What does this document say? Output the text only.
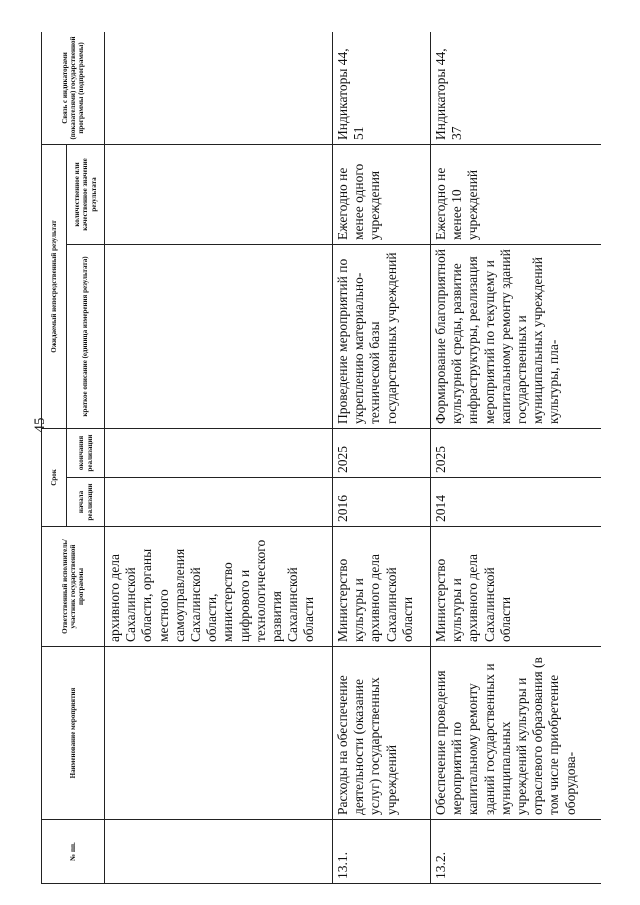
45
№ пп.	Наименование мероприятия	Ответственный исполнитель/участник государственной программы	Срок		Ожидаемый непосредственный результат		Связь с индикаторами (показателями) государственной программы (подпрограммы)
			начала реализации	окончания реализации	краткое описание (единица измерения результата)	количественное или качественное значение результата	
		архивного дела Сахалинской области, органы местного самоуправления Сахалинской области, министерство цифрового и технологического развития Сахалинской области					
13.1.	Расходы на обеспечение деятельности (оказание услуг) государственных учреждений	Министерство культуры и архивного дела Сахалинской области	2016	2025	Проведение мероприятий по укреплению материально-технической базы государственных учреждений	Ежегодно не менее одного учреждения	Индикаторы 44, 51
13.2.	Обеспечение проведения мероприятий по капитальному ремонту зданий государственных и муниципальных учреждений культуры и отраслевого образования (в том числе приобретение оборудова-	Министерство культуры и архивного дела Сахалинской области	2014	2025	Формирование благоприятной культурной среды, развитие инфраструктуры, реализация мероприятий по текущему и капитальному ремонту зданий государственных и муниципальных учреждений культуры, пла-	Ежегодно не менее 10 учреждений	Индикаторы 44, 37
